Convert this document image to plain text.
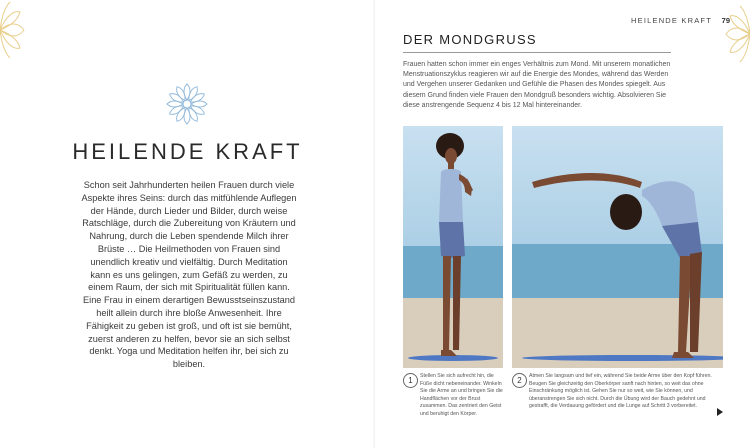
HEILENDE KRAFT

Schon seit Jahrhunderten heilen Frauen durch viele Aspekte ihres Seins: durch das mitfühlende Auflegen der Hände, durch Lieder und Bilder, durch weise Ratschläge, durch die Zubereitung von Kräutern und Nahrung, durch die Leben spendende Milch ihrer Brüste … Die Heilmethoden von Frauen sind unendlich kreativ und vielfältig. Durch Meditation kann es uns gelingen, zum Gefäß zu werden, zu einem Raum, der sich mit Spiritualität füllen kann. Eine Frau in einem derartigen Bewusstseinszustand heilt allein durch ihre bloße Anwesenheit. Ihre Fähigkeit zu geben ist groß, und oft ist sie bemüht, zuerst anderen zu helfen, bevor sie an sich selbst denkt. Yoga und Meditation helfen ihr, bei sich zu bleiben.

HEILENDE KRAFT 79
DER MONDGRUSS
Frauen hatten schon immer ein enges Verhältnis zum Mond. Mit unserem monatlichen Menstruationszyklus reagieren wir auf die Energie des Mondes, während das Werden und Vergehen unserer Gedanken und Gefühle die Phasen des Mondes spiegelt. Aus diesem Grund finden viele Frauen den Mondgruß besonders wichtig. Absolvieren Sie diese anstrengende Sequenz 4 bis 12 Mal hintereinander.
1	Stellen Sie sich aufrecht hin, die Füße dicht nebeneinander. Winkeln Sie die Arme an und bringen Sie die Handflächen vor der Brust zusammen. Das zentriert den Geist und beruhigt den Körper.
2	Atmen Sie langsam und tief ein, während Sie beide Arme über den Kopf führen. Beugen Sie gleichzeitig den Oberkörper sanft nach hinten, so weit das ohne Einschränkung möglich ist. Gehen Sie nur so weit, wie Sie können, und überanstrengen Sie sich nicht. Durch die Übung wird der Bauch gedehnt und gestrafft, die Verdauung gefördert und die Lunge auf Schritt 3 vorbereitet.
